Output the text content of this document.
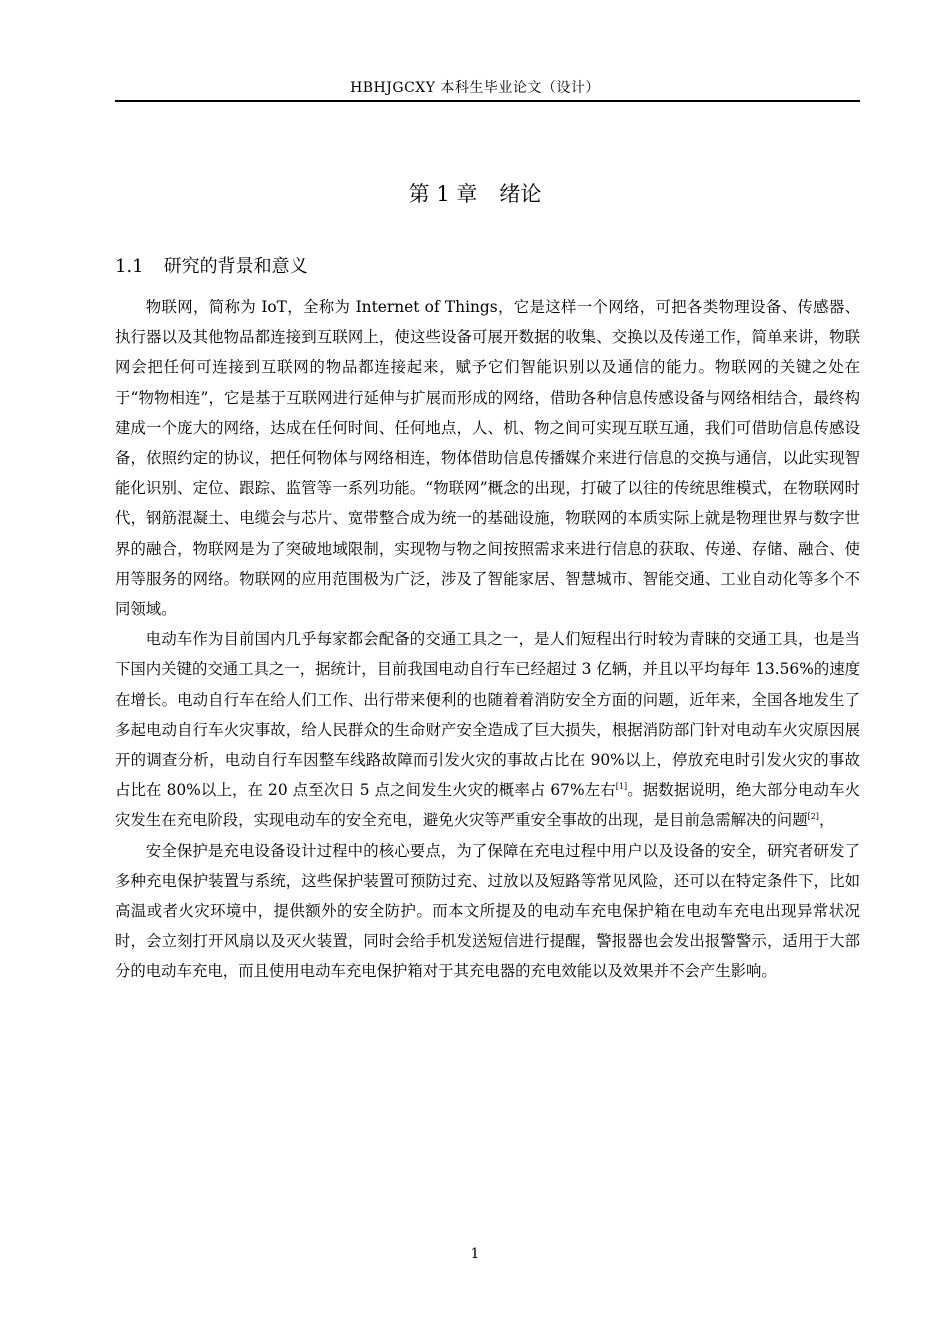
HBHJGCXY 本科生毕业论文（设计）
第 1 章 绪论
1.1 研究的背景和意义

物联网，简称为 IoT，全称为 Internet of Things，它是这样一个网络，可把各类物理设备、传感器、执行器以及其他物品都连接到互联网上，使这些设备可展开数据的收集、交换以及传递工作，简单来讲，物联网会把任何可连接到互联网的物品都连接起来，赋予它们智能识别以及通信的能力。物联网的关键之处在于“物物相连”，它是基于互联网进行延伸与扩展而形成的网络，借助各种信息传感设备与网络相结合，最终构建成一个庞大的网络，达成在任何时间、任何地点，人、机、物之间可实现互联互通，我们可借助信息传感设备，依照约定的协议，把任何物体与网络相连，物体借助信息传播媒介来进行信息的交换与通信，以此实现智能化识别、定位、跟踪、监管等一系列功能。“物联网”概念的出现，打破了以往的传统思维模式，在物联网时代，钢筋混凝土、电缆会与芯片、宽带整合成为统一的基础设施，物联网的本质实际上就是物理世界与数字世界的融合，物联网是为了突破地域限制，实现物与物之间按照需求来进行信息的获取、传递、存储、融合、使用等服务的网络。物联网的应用范围极为广泛，涉及了智能家居、智慧城市、智能交通、工业自动化等多个不同领域。

电动车作为目前国内几乎每家都会配备的交通工具之一，是人们短程出行时较为青睐的交通工具，也是当下国内关键的交通工具之一，据统计，目前我国电动自行车已经超过 3 亿辆，并且以平均每年 13.56%的速度在增长。电动自行车在给人们工作、出行带来便利的也随着着消防安全方面的问题，近年来，全国各地发生了多起电动自行车火灾事故，给人民群众的生命财产安全造成了巨大损失，根据消防部门针对电动车火灾原因展开的调查分析，电动自行车因整车线路故障而引发火灾的事故占比在 90%以上，停放充电时引发火灾的事故占比在 80%以上，在 20 点至次日 5 点之间发生火灾的概率占 67%左右[1]。据数据说明，绝大部分电动车火灾发生在充电阶段，实现电动车的安全充电，避免火灾等严重安全事故的出现，是目前急需解决的问题[2]，

安全保护是充电设备设计过程中的核心要点，为了保障在充电过程中用户以及设备的安全，研究者研发了多种充电保护装置与系统，这些保护装置可预防过充、过放以及短路等常见风险，还可以在特定条件下，比如高温或者火灾环境中，提供额外的安全防护。而本文所提及的电动车充电保护箱在电动车充电出现异常状况时，会立刻打开风扇以及灭火装置，同时会给手机发送短信进行提醒，警报器也会发出报警警示，适用于大部分的电动车充电，而且使用电动车充电保护箱对于其充电器的充电效能以及效果并不会产生影响。

1
